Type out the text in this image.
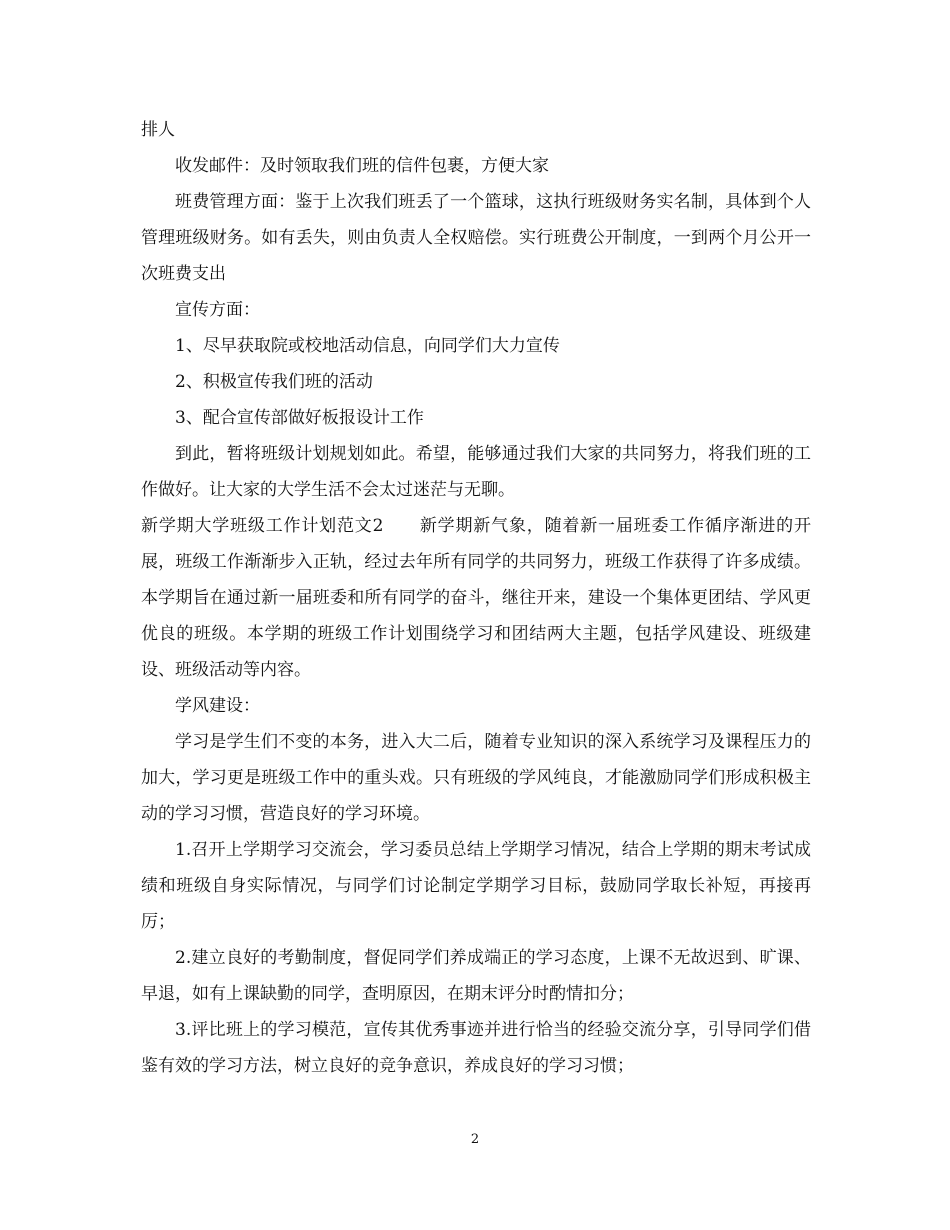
排人

收发邮件：及时领取我们班的信件包裹，方便大家

班费管理方面：鉴于上次我们班丢了一个篮球，这执行班级财务实名制，具体到个人管理班级财务。如有丢失，则由负责人全权赔偿。实行班费公开制度，一到两个月公开一次班费支出

宣传方面：

1、尽早获取院或校地活动信息，向同学们大力宣传

2、积极宣传我们班的活动

3、配合宣传部做好板报设计工作

到此，暂将班级计划规划如此。希望，能够通过我们大家的共同努力，将我们班的工作做好。让大家的大学生活不会太过迷茫与无聊。

新学期大学班级工作计划范文2　　新学期新气象，随着新一届班委工作循序渐进的开展，班级工作渐渐步入正轨，经过去年所有同学的共同努力，班级工作获得了许多成绩。本学期旨在通过新一届班委和所有同学的奋斗，继往开来，建设一个集体更团结、学风更优良的班级。本学期的班级工作计划围绕学习和团结两大主题，包括学风建设、班级建设、班级活动等内容。

学风建设：

学习是学生们不变的本务，进入大二后，随着专业知识的深入系统学习及课程压力的加大，学习更是班级工作中的重头戏。只有班级的学风纯良，才能激励同学们形成积极主动的学习习惯，营造良好的学习环境。

1.召开上学期学习交流会，学习委员总结上学期学习情况，结合上学期的期末考试成绩和班级自身实际情况，与同学们讨论制定学期学习目标，鼓励同学取长补短，再接再厉；

2.建立良好的考勤制度，督促同学们养成端正的学习态度，上课不无故迟到、旷课、早退，如有上课缺勤的同学，查明原因，在期末评分时酌情扣分；

3.评比班上的学习模范，宣传其优秀事迹并进行恰当的经验交流分享，引导同学们借鉴有效的学习方法，树立良好的竞争意识，养成良好的学习习惯；

2
